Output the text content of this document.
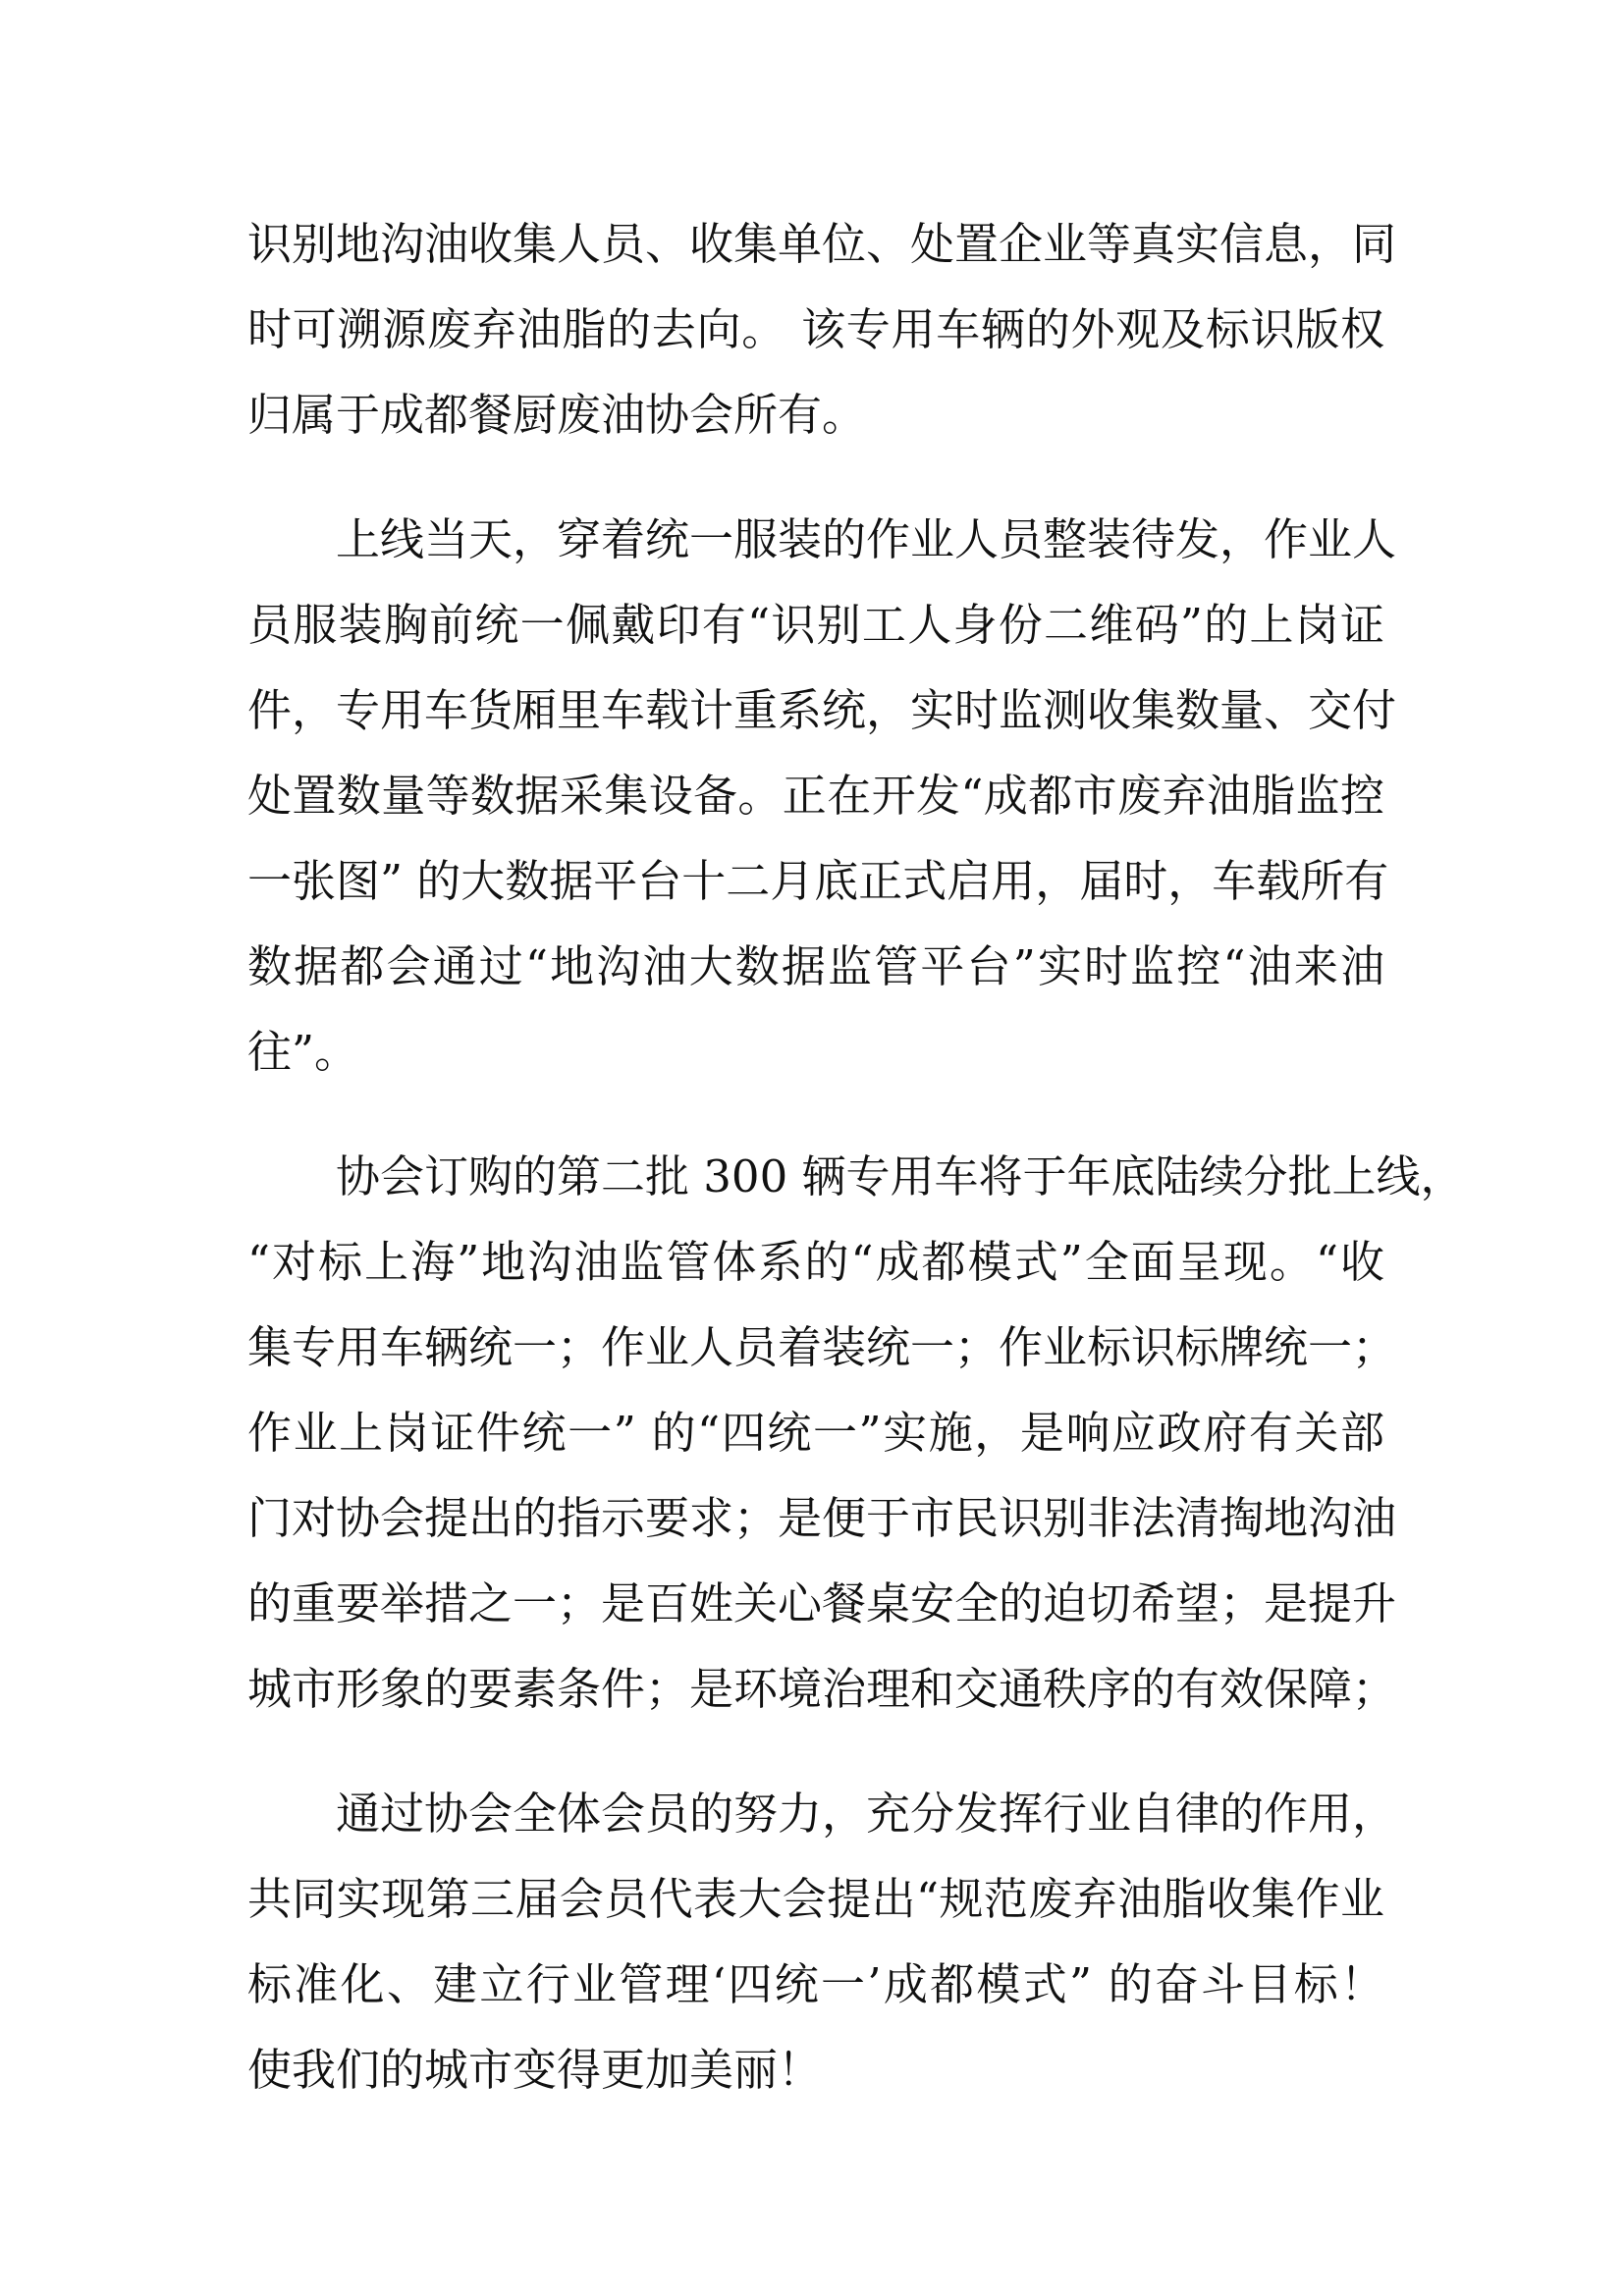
识别地沟油收集人员、收集单位、处置企业等真实信息，同
时可溯源废弃油脂的去向。 该专用车辆的外观及标识版权
归属于成都餐厨废油协会所有。
上线当天，穿着统一服装的作业人员整装待发，作业人
员服装胸前统一佩戴印有“识别工人身份二维码”的上岗证
件，专用车货厢里车载计重系统，实时监测收集数量、交付
处置数量等数据采集设备。正在开发“成都市废弃油脂监控
一张图” 的大数据平台十二月底正式启用，届时，车载所有
数据都会通过“地沟油大数据监管平台”实时监控“油来油
往”。
协会订购的第二批 300 辆专用车将于年底陆续分批上线，
“对标上海”地沟油监管体系的“成都模式”全面呈现。“收
集专用车辆统一；作业人员着装统一；作业标识标牌统一；
作业上岗证件统一” 的“四统一”实施，是响应政府有关部
门对协会提出的指示要求；是便于市民识别非法清掏地沟油
的重要举措之一；是百姓关心餐桌安全的迫切希望；是提升
城市形象的要素条件；是环境治理和交通秩序的有效保障；
通过协会全体会员的努力，充分发挥行业自律的作用，
共同实现第三届会员代表大会提出“规范废弃油脂收集作业
标准化、建立行业管理‘四统一’成都模式” 的奋斗目标！
使我们的城市变得更加美丽！
